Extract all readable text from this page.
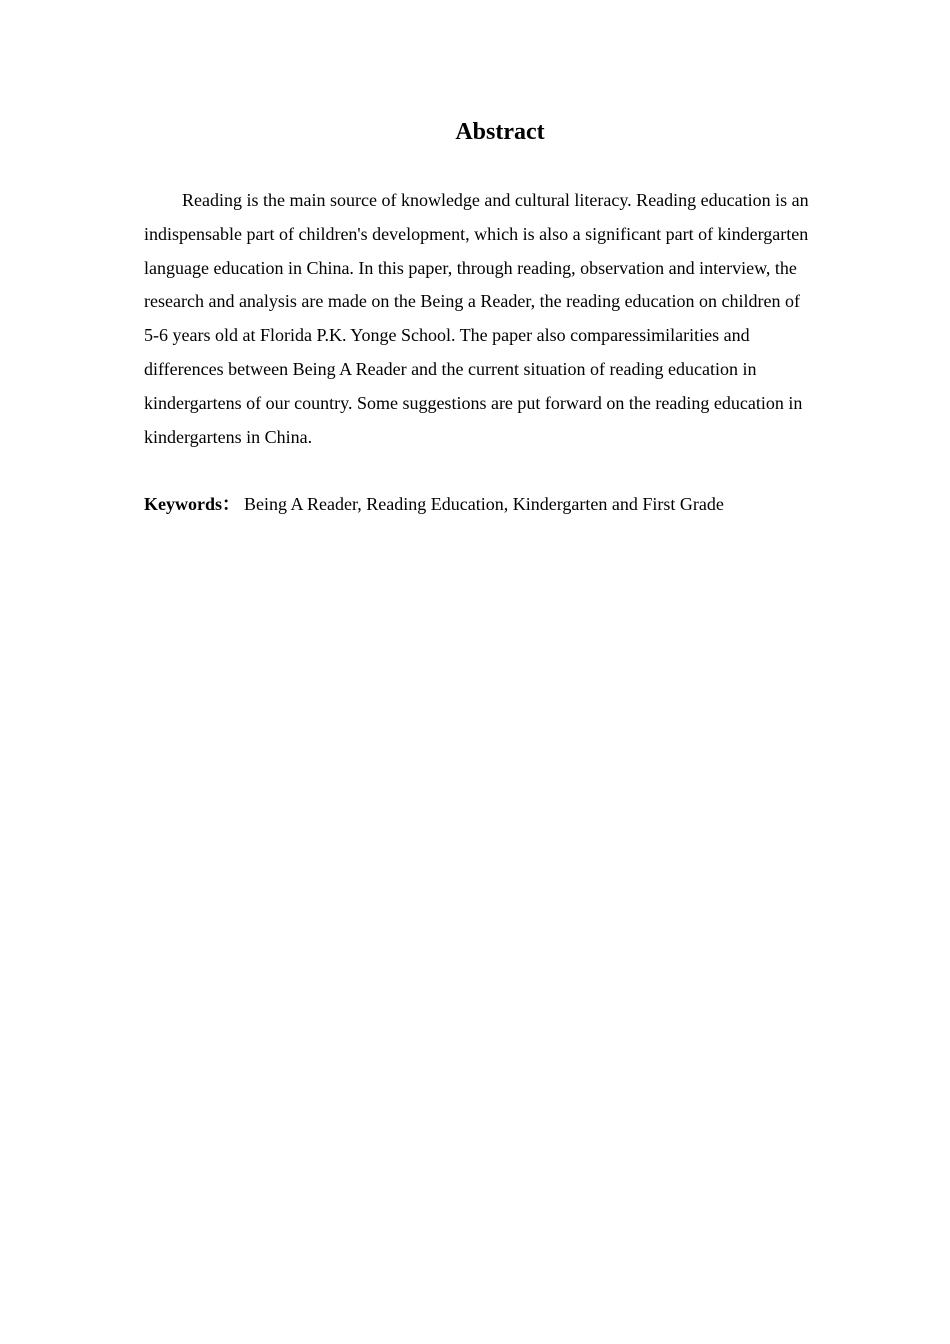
Abstract

Reading is the main source of knowledge and cultural literacy. Reading education is an indispensable part of children's development, which is also a significant part of kindergarten language education in China. In this paper, through reading, observation and interview, the research and analysis are made on the Being a Reader, the reading education on children of 5-6 years old at Florida P.K. Yonge School. The paper also comparessimilarities and differences between Being A Reader and the current situation of reading education in kindergartens of our country. Some suggestions are put forward on the reading education in kindergartens in China.

Keywords： Being A Reader, Reading Education, Kindergarten and First Grade
